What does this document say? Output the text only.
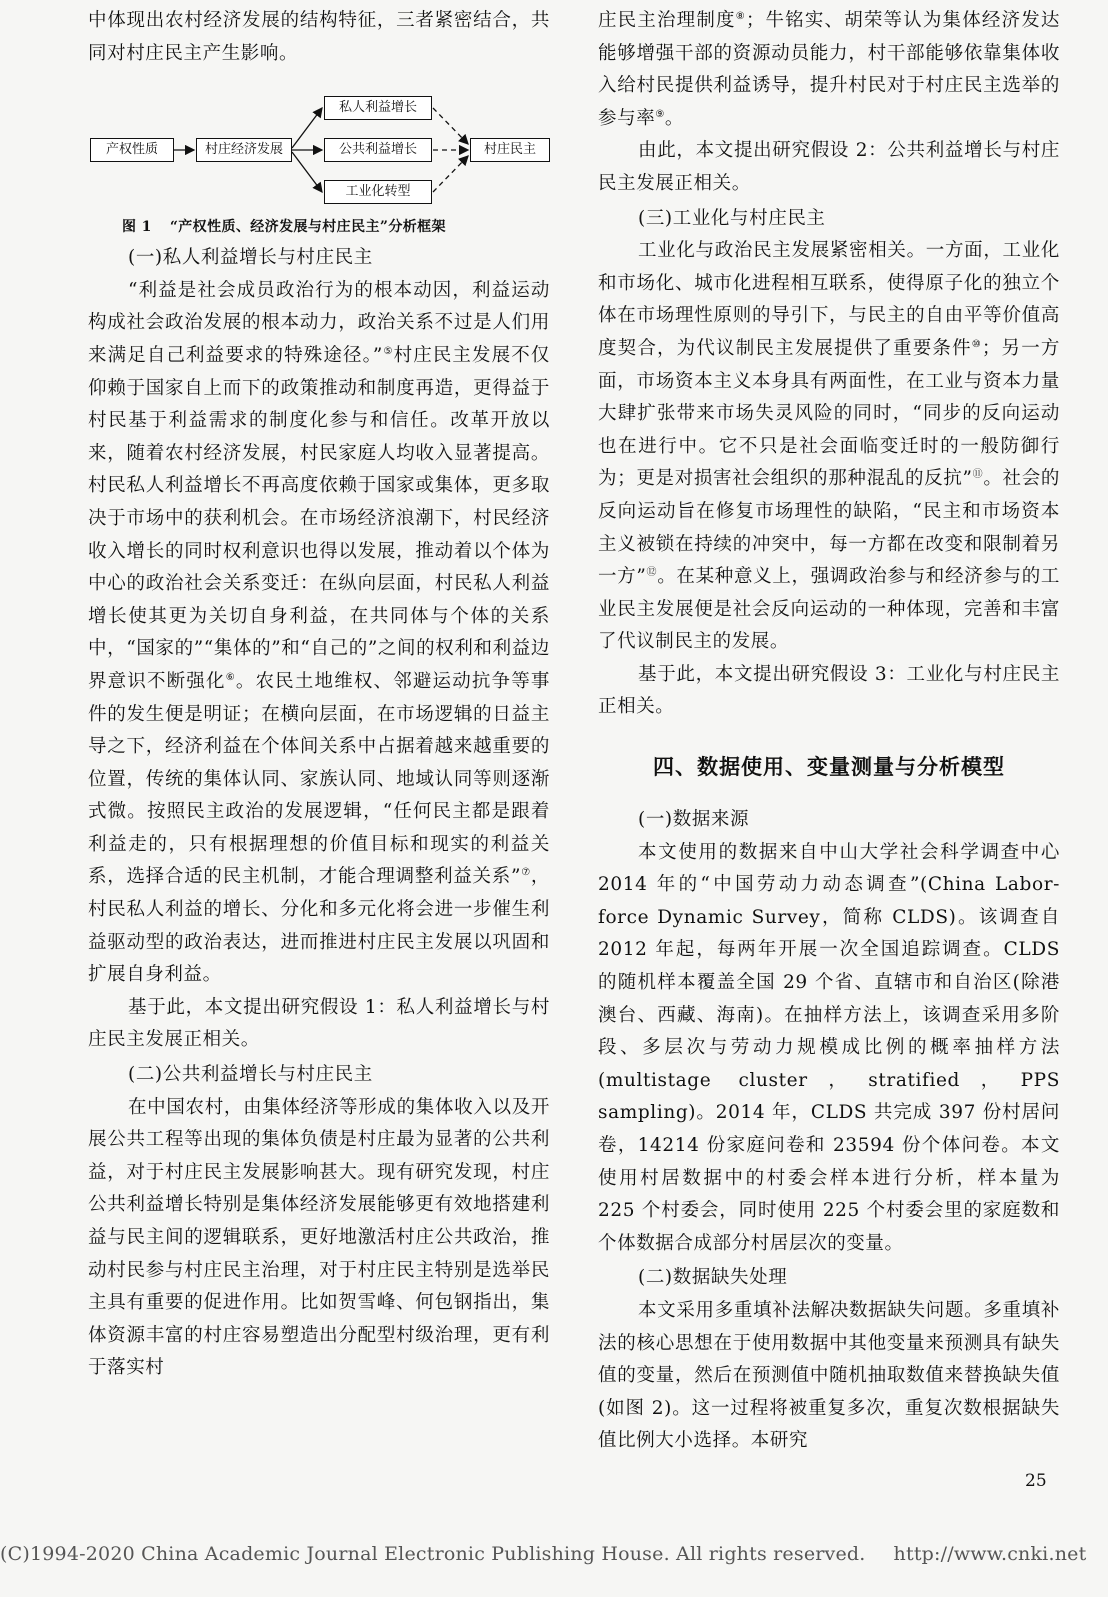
中体现出农村经济发展的结构特征，三者紧密结合，共同对村庄民主产生影响。

产权性质	村庄经济发展
私人利益增长
公共利益增长
工业化转型
村庄民主
图 1 “产权性质、经济发展与村庄民主”分析框架

(一)私人利益增长与村庄民主

“利益是社会成员政治行为的根本动因，利益运动构成社会政治发展的根本动力，政治关系不过是人们用来满足自己利益要求的特殊途径。”⑤村庄民主发展不仅仰赖于国家自上而下的政策推动和制度再造，更得益于村民基于利益需求的制度化参与和信任。改革开放以来，随着农村经济发展，村民家庭人均收入显著提高。村民私人利益增长不再高度依赖于国家或集体，更多取决于市场中的获利机会。在市场经济浪潮下，村民经济收入增长的同时权利意识也得以发展，推动着以个体为中心的政治社会关系变迁：在纵向层面，村民私人利益增长使其更为关切自身利益，在共同体与个体的关系中，“国家的”“集体的”和“自己的”之间的权利和利益边界意识不断强化⑥。农民土地维权、邻避运动抗争等事件的发生便是明证；在横向层面，在市场逻辑的日益主导之下，经济利益在个体间关系中占据着越来越重要的位置，传统的集体认同、家族认同、地域认同等则逐渐式微。按照民主政治的发展逻辑，“任何民主都是跟着利益走的，只有根据理想的价值目标和现实的利益关系，选择合适的民主机制，才能合理调整利益关系”⑦，村民私人利益的增长、分化和多元化将会进一步催生利益驱动型的政治表达，进而推进村庄民主发展以巩固和扩展自身利益。

基于此，本文提出研究假设 1：私人利益增长与村庄民主发展正相关。

(二)公共利益增长与村庄民主

在中国农村，由集体经济等形成的集体收入以及开展公共工程等出现的集体负债是村庄最为显著的公共利益，对于村庄民主发展影响甚大。现有研究发现，村庄公共利益增长特别是集体经济发展能够更有效地搭建利益与民主间的逻辑联系，更好地激活村庄公共政治，推动村民参与村庄民主治理，对于村庄民主特别是选举民主具有重要的促进作用。比如贺雪峰、何包钢指出，集体资源丰富的村庄容易塑造出分配型村级治理，更有利于落实村

庄民主治理制度⑧；牛铭实、胡荣等认为集体经济发达能够增强干部的资源动员能力，村干部能够依靠集体收入给村民提供利益诱导，提升村民对于村庄民主选举的参与率⑨。

由此，本文提出研究假设 2：公共利益增长与村庄民主发展正相关。

(三)工业化与村庄民主

工业化与政治民主发展紧密相关。一方面，工业化和市场化、城市化进程相互联系，使得原子化的独立个体在市场理性原则的导引下，与民主的自由平等价值高度契合，为代议制民主发展提供了重要条件⑩；另一方面，市场资本主义本身具有两面性，在工业与资本力量大肆扩张带来市场失灵风险的同时，“同步的反向运动也在进行中。它不只是社会面临变迁时的一般防御行为；更是对损害社会组织的那种混乱的反抗”⑪。社会的反向运动旨在修复市场理性的缺陷，“民主和市场资本主义被锁在持续的冲突中，每一方都在改变和限制着另一方”⑫。在某种意义上，强调政治参与和经济参与的工业民主发展便是社会反向运动的一种体现，完善和丰富了代议制民主的发展。

基于此，本文提出研究假设 3：工业化与村庄民主正相关。

四、数据使用、变量测量与分析模型

(一)数据来源

本文使用的数据来自中山大学社会科学调查中心 2014 年的“中国劳动力动态调查”(China Labor-force Dynamic Survey，简称 CLDS)。该调查自 2012 年起，每两年开展一次全国追踪调查。CLDS 的随机样本覆盖全国 29 个省、直辖市和自治区(除港澳台、西藏、海南)。在抽样方法上，该调查采用多阶段、多层次与劳动力规模成比例的概率抽样方法(multistage cluster，stratified，PPS sampling)。2014 年，CLDS 共完成 397 份村居问卷，14214 份家庭问卷和 23594 份个体问卷。本文使用村居数据中的村委会样本进行分析，样本量为 225 个村委会，同时使用 225 个村委会里的家庭数和个体数据合成部分村居层次的变量。

(二)数据缺失处理

本文采用多重填补法解决数据缺失问题。多重填补法的核心思想在于使用数据中其他变量来预测具有缺失值的变量，然后在预测值中随机抽取数值来替换缺失值(如图 2)。这一过程将被重复多次，重复次数根据缺失值比例大小选择。本研究

25
(C)1994-2020 China Academic Journal Electronic Publishing House. All rights reserved. http://www.cnki.net
